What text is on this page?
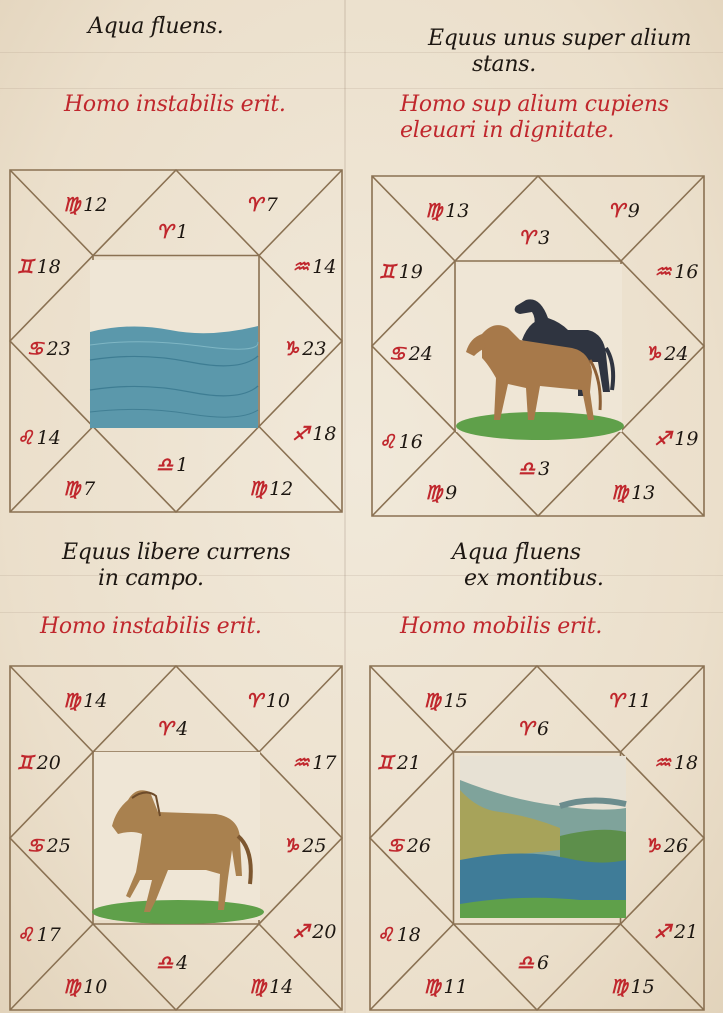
Aqua fluens.
Homo instabilis erit.
Equus unus super alium
stans.
Homo sup alium cupiens
eleuari in dignitate.
Equus libere currens
in campo.
Homo instabilis erit.
Aqua fluens
ex montibus.
Homo mobilis erit.
♍︎ 12
♈︎ 1
♈︎ 7
♒︎ 14
♑︎ 23
♐︎ 18
♍︎ 12
♎︎ 1
♍︎ 7
♌︎ 14
♋︎ 23
♊︎ 18
♍︎ 13
♈︎ 3
♈︎ 9
♒︎ 16
♑︎ 24
♐︎ 19
♍︎ 13
♎︎ 3
♍︎ 9
♌︎ 16
♋︎ 24
♊︎ 19
♍︎ 14
♈︎ 4
♈︎ 10
♒︎ 17
♑︎ 25
♐︎ 20
♍︎ 14
♎︎ 4
♍︎ 10
♌︎ 17
♋︎ 25
♊︎ 20
♍︎ 15
♈︎ 6
♈︎ 11
♒︎ 18
♑︎ 26
♐︎ 21
♍︎ 15
♎︎ 6
♍︎ 11
♌︎ 18
♋︎ 26
♊︎ 21
